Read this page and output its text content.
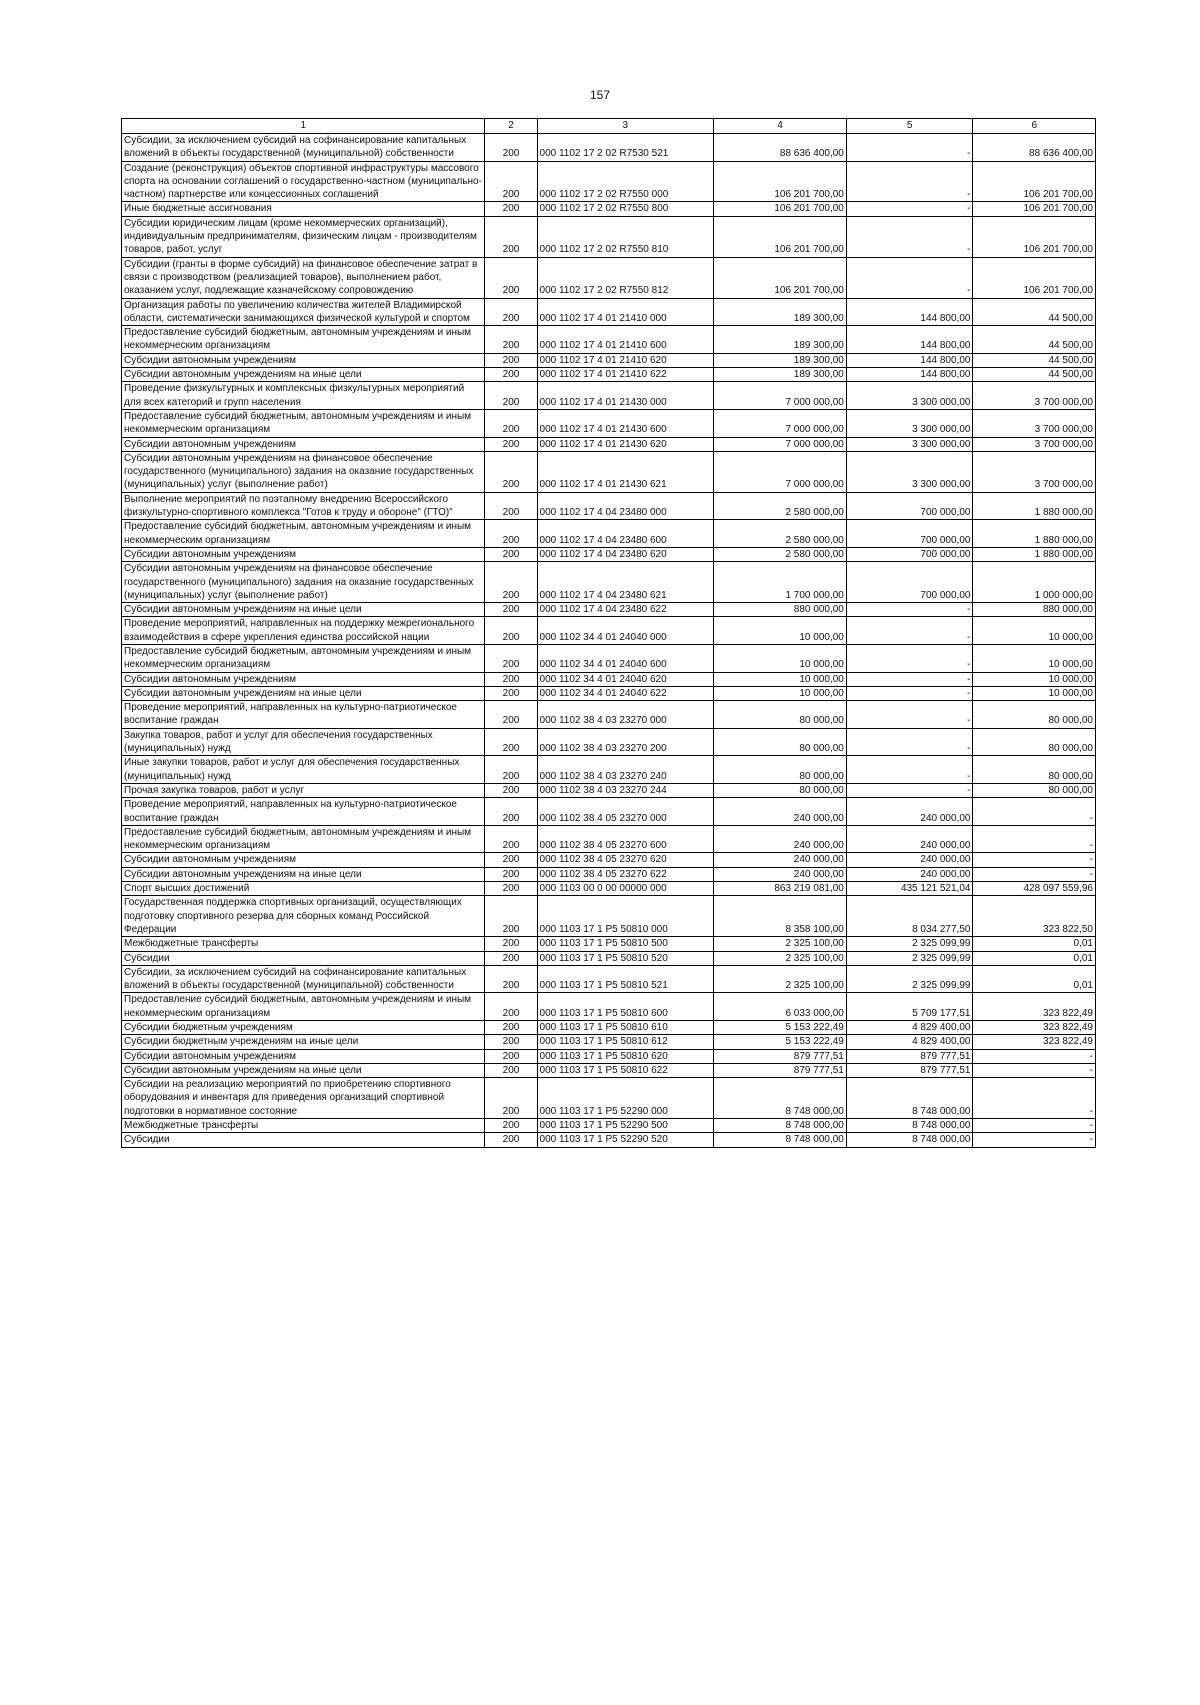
157
1	2	3	4	5	6
Субсидии, за исключением субсидий на софинансирование капитальных вложений в объекты государственной (муниципальной) собственности	200	000 1102 17 2 02 R7530 521	88 636 400,00	-	88 636 400,00
Создание (реконструкция) объектов спортивной инфраструктуры массового спорта на основании соглашений о государственно-частном (муниципально-частном) партнерстве или концессионных соглашений	200	000 1102 17 2 02 R7550 000	106 201 700,00	-	106 201 700,00
Иные бюджетные ассигнования	200	000 1102 17 2 02 R7550 800	106 201 700,00	-	106 201 700,00
Субсидии юридическим лицам (кроме некоммерческих организаций), индивидуальным предпринимателям, физическим лицам - производителям товаров, работ, услуг	200	000 1102 17 2 02 R7550 810	106 201 700,00	-	106 201 700,00
Субсидии (гранты в форме субсидий) на финансовое обеспечение затрат в связи с производством (реализацией товаров), выполнением работ, оказанием услуг, подлежащие казначейскому сопровождению	200	000 1102 17 2 02 R7550 812	106 201 700,00	-	106 201 700,00
Организация работы по увеличению количества жителей Владимирской области, систематически занимающихся физической культурой и спортом	200	000 1102 17 4 01 21410 000	189 300,00	144 800,00	44 500,00
Предоставление субсидий бюджетным, автономным учреждениям и иным некоммерческим организациям	200	000 1102 17 4 01 21410 600	189 300,00	144 800,00	44 500,00
Субсидии автономным учреждениям	200	000 1102 17 4 01 21410 620	189 300,00	144 800,00	44 500,00
Субсидии автономным учреждениям на иные цели	200	000 1102 17 4 01 21410 622	189 300,00	144 800,00	44 500,00
Проведение физкультурных и комплексных физкультурных мероприятий для всех категорий и групп населения	200	000 1102 17 4 01 21430 000	7 000 000,00	3 300 000,00	3 700 000,00
Предоставление субсидий бюджетным, автономным учреждениям и иным некоммерческим организациям	200	000 1102 17 4 01 21430 600	7 000 000,00	3 300 000,00	3 700 000,00
Субсидии автономным учреждениям	200	000 1102 17 4 01 21430 620	7 000 000,00	3 300 000,00	3 700 000,00
Субсидии автономным учреждениям на финансовое обеспечение государственного (муниципального) задания на оказание государственных (муниципальных) услуг (выполнение работ)	200	000 1102 17 4 01 21430 621	7 000 000,00	3 300 000,00	3 700 000,00
Выполнение мероприятий по поэтапному внедрению Всероссийского физкультурно-спортивного комплекса "Готов к труду и обороне" (ГТО)"	200	000 1102 17 4 04 23480 000	2 580 000,00	700 000,00	1 880 000,00
Предоставление субсидий бюджетным, автономным учреждениям и иным некоммерческим организациям	200	000 1102 17 4 04 23480 600	2 580 000,00	700 000,00	1 880 000,00
Субсидии автономным учреждениям	200	000 1102 17 4 04 23480 620	2 580 000,00	700 000,00	1 880 000,00
Субсидии автономным учреждениям на финансовое обеспечение государственного (муниципального) задания на оказание государственных (муниципальных) услуг (выполнение работ)	200	000 1102 17 4 04 23480 621	1 700 000,00	700 000,00	1 000 000,00
Субсидии автономным учреждениям на иные цели	200	000 1102 17 4 04 23480 622	880 000,00	-	880 000,00
Проведение мероприятий, направленных на поддержку межрегионального взаимодействия в сфере укрепления единства российской нации	200	000 1102 34 4 01 24040 000	10 000,00	-	10 000,00
Предоставление субсидий бюджетным, автономным учреждениям и иным некоммерческим организациям	200	000 1102 34 4 01 24040 600	10 000,00	-	10 000,00
Субсидии автономным учреждениям	200	000 1102 34 4 01 24040 620	10 000,00	-	10 000,00
Субсидии автономным учреждениям на иные цели	200	000 1102 34 4 01 24040 622	10 000,00	-	10 000,00
Проведение мероприятий, направленных на культурно-патриотическое воспитание граждан	200	000 1102 38 4 03 23270 000	80 000,00	-	80 000,00
Закупка товаров, работ и услуг для обеспечения государственных (муниципальных) нужд	200	000 1102 38 4 03 23270 200	80 000,00	-	80 000,00
Иные закупки товаров, работ и услуг для обеспечения государственных (муниципальных) нужд	200	000 1102 38 4 03 23270 240	80 000,00	-	80 000,00
Прочая закупка товаров, работ и услуг	200	000 1102 38 4 03 23270 244	80 000,00	-	80 000,00
Проведение мероприятий, направленных на культурно-патриотическое воспитание граждан	200	000 1102 38 4 05 23270 000	240 000,00	240 000,00	-
Предоставление субсидий бюджетным, автономным учреждениям и иным некоммерческим организациям	200	000 1102 38 4 05 23270 600	240 000,00	240 000,00	-
Субсидии автономным учреждениям	200	000 1102 38 4 05 23270 620	240 000,00	240 000,00	-
Субсидии автономным учреждениям на иные цели	200	000 1102 38 4 05 23270 622	240 000,00	240 000,00	-
Спорт высших достижений	200	000 1103 00 0 00 00000 000	863 219 081,00	435 121 521,04	428 097 559,96
Государственная поддержка спортивных организаций, осуществляющих подготовку спортивного резерва для сборных команд Российской Федерации	200	000 1103 17 1 P5 50810 000	8 358 100,00	8 034 277,50	323 822,50
Межбюджетные трансферты	200	000 1103 17 1 P5 50810 500	2 325 100,00	2 325 099,99	0,01
Субсидии	200	000 1103 17 1 P5 50810 520	2 325 100,00	2 325 099,99	0,01
Субсидии, за исключением субсидий на софинансирование капитальных вложений в объекты государственной (муниципальной) собственности	200	000 1103 17 1 P5 50810 521	2 325 100,00	2 325 099,99	0,01
Предоставление субсидий бюджетным, автономным учреждениям и иным некоммерческим организациям	200	000 1103 17 1 P5 50810 600	6 033 000,00	5 709 177,51	323 822,49
Субсидии бюджетным учреждениям	200	000 1103 17 1 P5 50810 610	5 153 222,49	4 829 400,00	323 822,49
Субсидии бюджетным учреждениям на иные цели	200	000 1103 17 1 P5 50810 612	5 153 222,49	4 829 400,00	323 822,49
Субсидии автономным учреждениям	200	000 1103 17 1 P5 50810 620	879 777,51	879 777,51	-
Субсидии автономным учреждениям на иные цели	200	000 1103 17 1 P5 50810 622	879 777,51	879 777,51	-
Субсидии на реализацию мероприятий по приобретению спортивного оборудования и инвентаря для приведения организаций спортивной подготовки в нормативное состояние	200	000 1103 17 1 P5 52290 000	8 748 000,00	8 748 000,00	-
Межбюджетные трансферты	200	000 1103 17 1 P5 52290 500	8 748 000,00	8 748 000,00	-
Субсидии	200	000 1103 17 1 P5 52290 520	8 748 000,00	8 748 000,00	-
